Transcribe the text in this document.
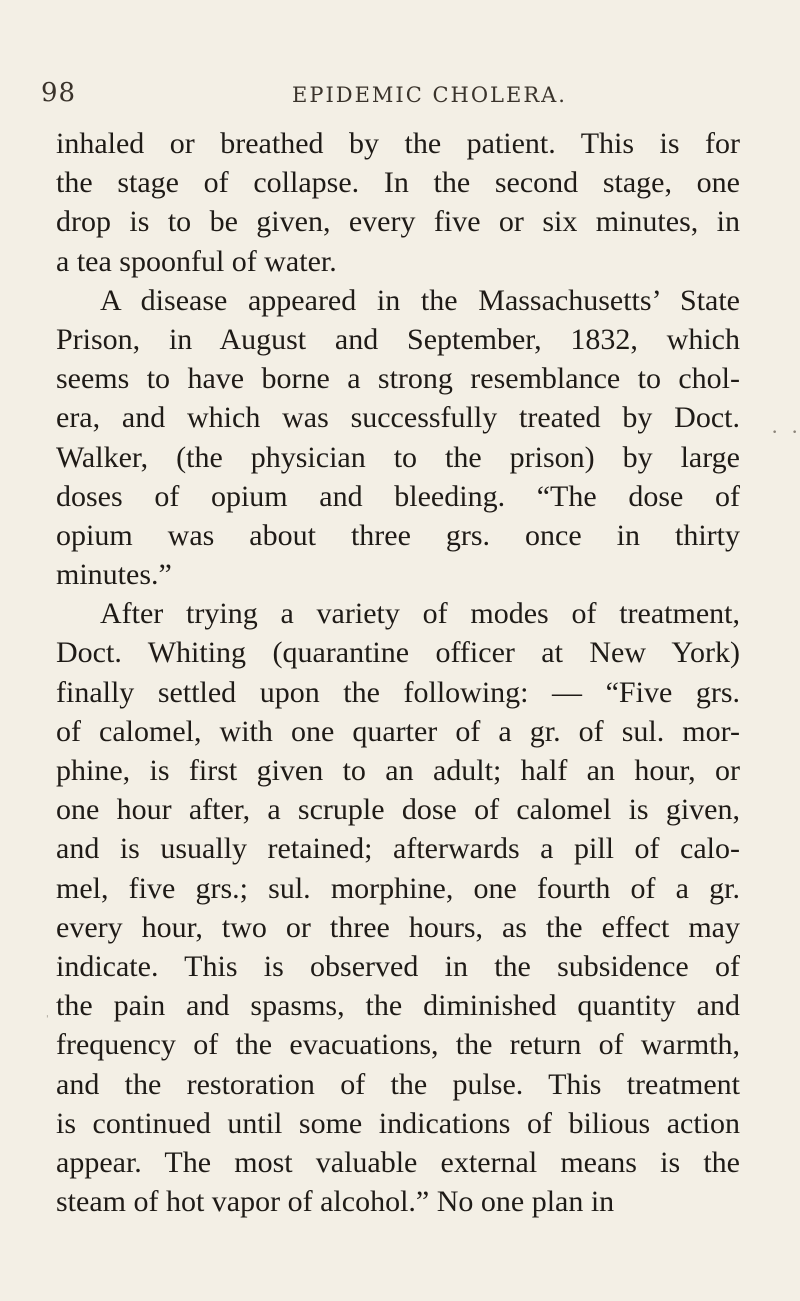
98	EPIDEMIC CHOLERA.
inhaled or breathed by the patient. This is for
the stage of collapse. In the second stage, one
drop is to be given, every five or six minutes, in
a tea spoonful of water.
A disease appeared in the Massachusetts’ State
Prison, in August and September, 1832, which
seems to have borne a strong resemblance to chol-
era, and which was successfully treated by Doct.
Walker, (the physician to the prison) by large
doses of opium and bleeding. “The dose of
opium was about three grs. once in thirty
minutes.”
After trying a variety of modes of treatment,
Doct. Whiting (quarantine officer at New York)
finally settled upon the following: — “Five grs.
of calomel, with one quarter of a gr. of sul. mor-
phine, is first given to an adult; half an hour, or
one hour after, a scruple dose of calomel is given,
and is usually retained; afterwards a pill of calo-
mel, five grs.; sul. morphine, one fourth of a gr.
every hour, two or three hours, as the effect may
indicate. This is observed in the subsidence of
the pain and spasms, the diminished quantity and
frequency of the evacuations, the return of warmth,
and the restoration of the pulse. This treatment
is continued until some indications of bilious action
appear. The most valuable external means is the
steam of hot vapor of alcohol.” No one plan in
• •
ˈ
